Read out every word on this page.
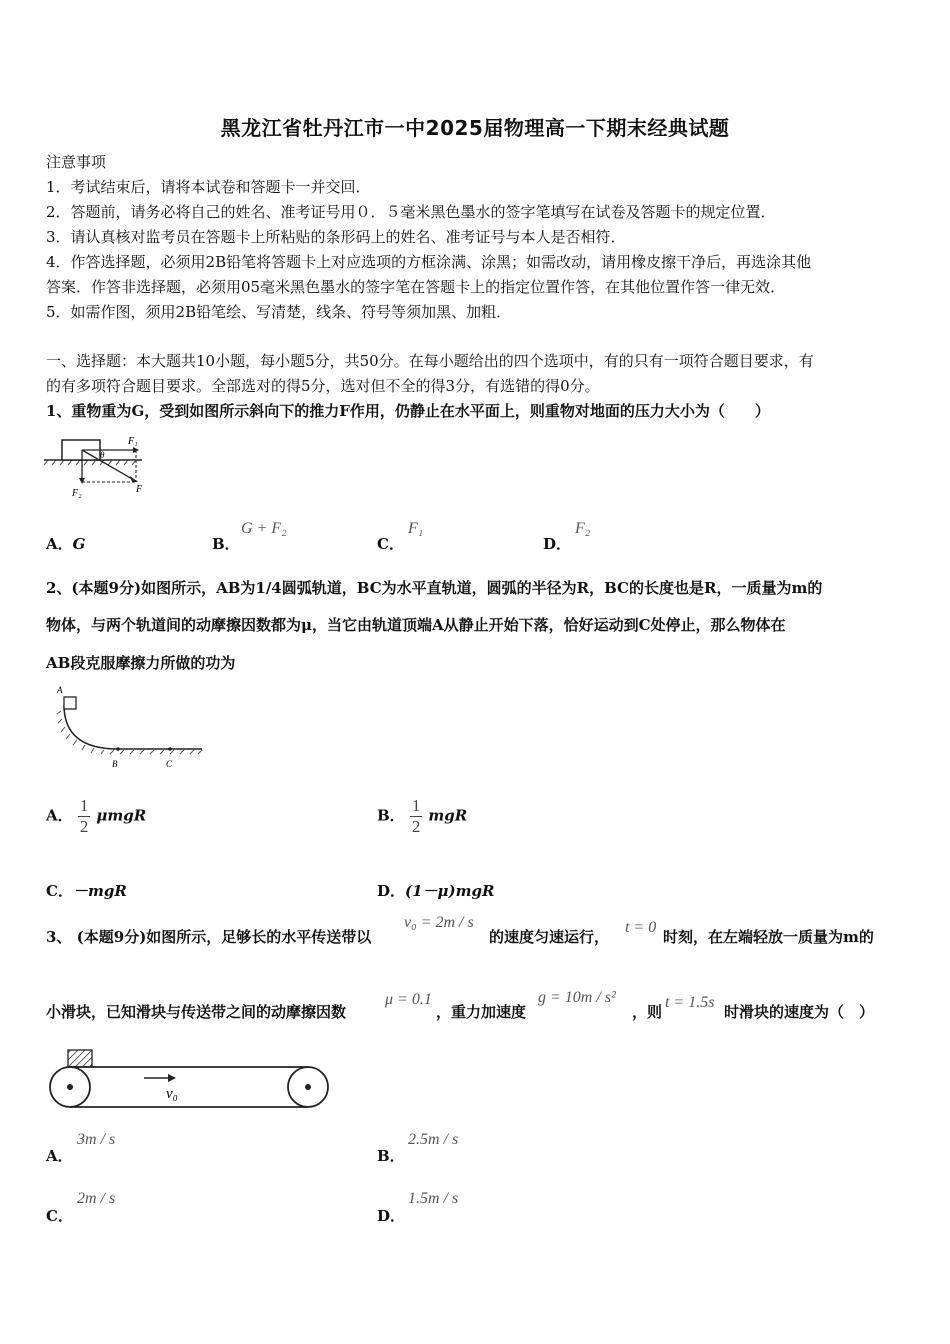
黑龙江省牡丹江市一中2025届物理高一下期末经典试题
注意事项
1．考试结束后，请将本试卷和答题卡一并交回．
2．答题前，请务必将自己的姓名、准考证号用０．５毫米黑色墨水的签字笔填写在试卷及答题卡的规定位置．
3．请认真核对监考员在答题卡上所粘贴的条形码上的姓名、准考证号与本人是否相符．
4．作答选择题，必须用2B铅笔将答题卡上对应选项的方框涂满、涂黑；如需改动，请用橡皮擦干净后，再选涂其他
答案．作答非选择题，必须用05毫米黑色墨水的签字笔在答题卡上的指定位置作答，在其他位置作答一律无效．
5．如需作图，须用2B铅笔绘、写清楚，线条、符号等须加黑、加粗．
一、选择题：本大题共10小题，每小题5分，共50分。在每小题给出的四个选项中，有的只有一项符合题目要求，有
的有多项符合题目要求。全部选对的得5分，选对但不全的得3分，有选错的得0分。
1、重物重为G，受到如图所示斜向下的推力F作用，仍静止在水平面上，则重物对地面的压力大小为（　　）
F₁
F₂	F
θ
A．G	B．
G + F₂
C．
F₁
D．
F₂
2、(本题9分)如图所示，AB为1/4圆弧轨道，BC为水平直轨道，圆弧的半径为R，BC的长度也是R，一质量为m的
物体，与两个轨道间的动摩擦因数都为μ，当它由轨道顶端A从静止开始下落，恰好运动到C处停止，那么物体在
AB段克服摩擦力所做的功为
A
B	C
A． $\frac{1}{2}$ μmgR	B． $\frac{1}{2}$ mgR
C．－mgR	D．(1－μ)mgR
3、 (本题9分)如图所示，足够长的水平传送带以
v₀ = 2m / s
的速度匀速运行，
t = 0
时刻，在左端轻放一质量为m的
小滑块，已知滑块与传送带之间的动摩擦因数
μ = 0.1
，重力加速度
g = 10m / s²
，则
t = 1.5s
时滑块的速度为（　）
v₀
A．
3m / s
B．
2.5m / s
C．
2m / s
D．
1.5m / s
